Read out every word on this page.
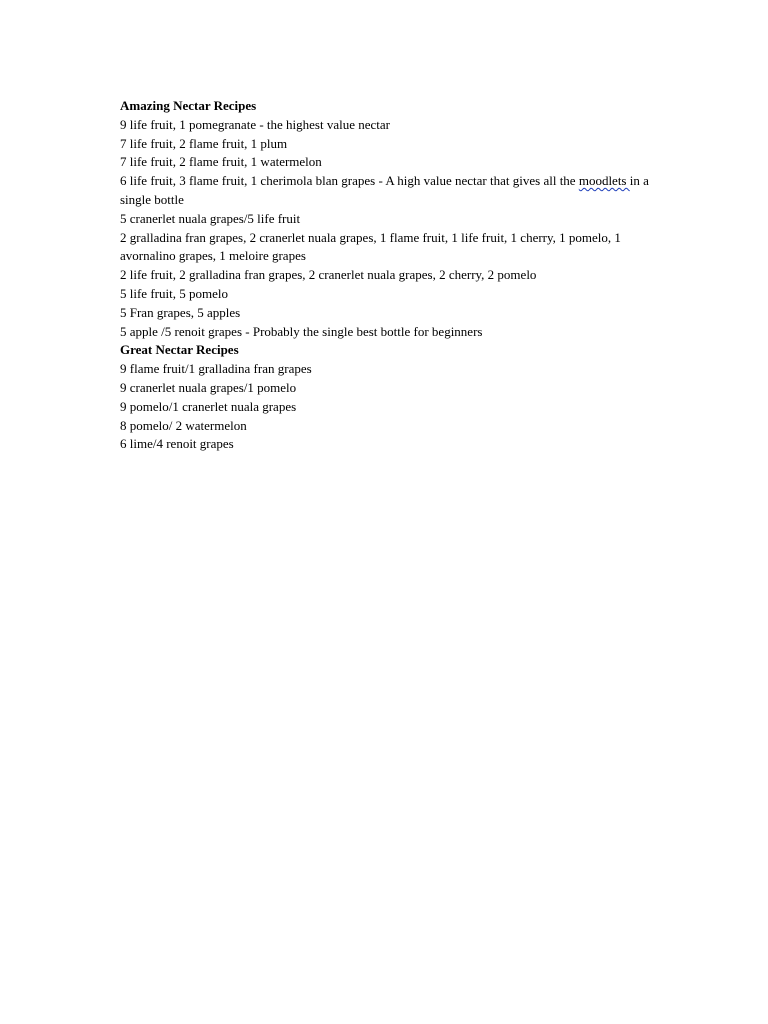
Amazing Nectar Recipes

9 life fruit, 1 pomegranate - the highest value nectar

7 life fruit, 2 flame fruit, 1 plum

7 life fruit, 2 flame fruit, 1 watermelon

6 life fruit, 3 flame fruit, 1 cherimola blan grapes - A high value nectar that gives all the moodlets in a single bottle

5 cranerlet nuala grapes/5 life fruit

2 gralladina fran grapes, 2 cranerlet nuala grapes, 1 flame fruit, 1 life fruit, 1 cherry, 1 pomelo, 1 avornalino grapes, 1 meloire grapes

2 life fruit, 2 gralladina fran grapes, 2 cranerlet nuala grapes, 2 cherry, 2 pomelo

5 life fruit, 5 pomelo

5 Fran grapes, 5 apples

5 apple /5 renoit grapes - Probably the single best bottle for beginners

Great Nectar Recipes

9 flame fruit/1 gralladina fran grapes

9 cranerlet nuala grapes/1 pomelo

9 pomelo/1 cranerlet nuala grapes

8 pomelo/ 2 watermelon

6 lime/4 renoit grapes
